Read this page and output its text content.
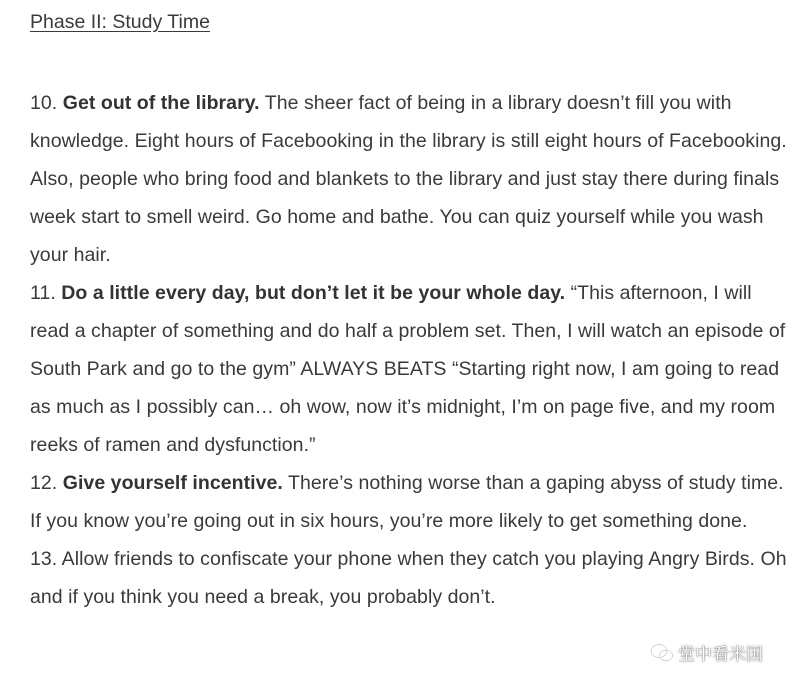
Phase II: Study Time

10. Get out of the library. The sheer fact of being in a library doesn’t fill you with knowledge. Eight hours of Facebooking in the library is still eight hours of Facebooking. Also, people who bring food and blankets to the library and just stay there during finals week start to smell weird. Go home and bathe. You can quiz yourself while you wash your hair.

11. Do a little every day, but don’t let it be your whole day. “This afternoon, I will read a chapter of something and do half a problem set. Then, I will watch an episode of South Park and go to the gym” ALWAYS BEATS “Starting right now, I am going to read as much as I possibly can… oh wow, now it’s midnight, I’m on page five, and my room reeks of ramen and dysfunction.”

12. Give yourself incentive. There’s nothing worse than a gaping abyss of study time. If you know you’re going out in six hours, you’re more likely to get something done.

13. Allow friends to confiscate your phone when they catch you playing Angry Birds. Oh and if you think you need a break, you probably don’t.

堂中看米国
